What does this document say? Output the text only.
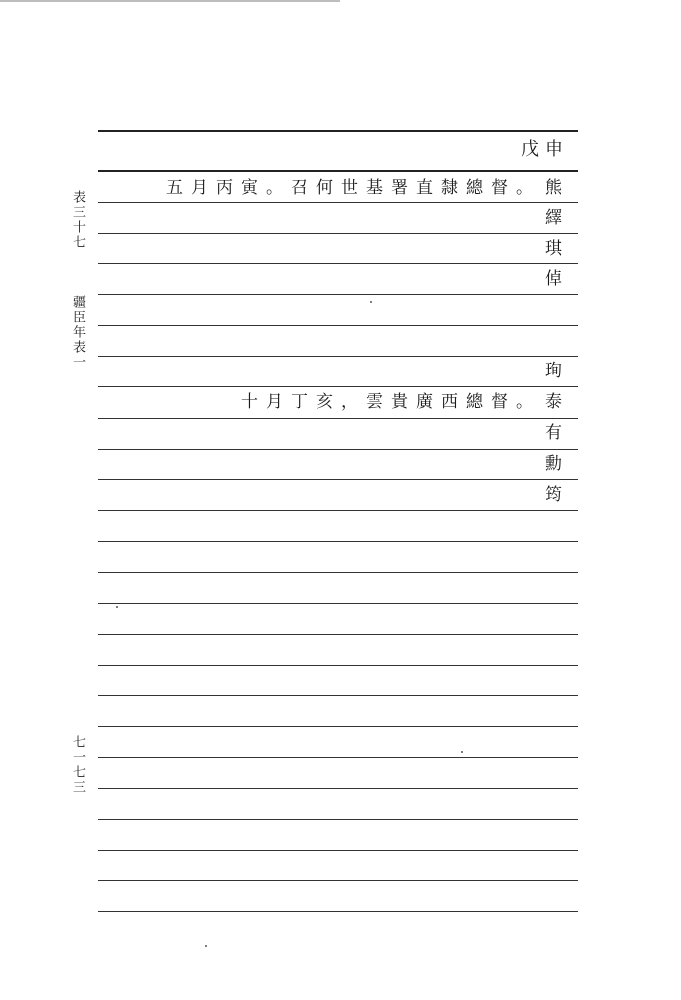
表三十七
疆臣年表一
七一七三
戊申
熊
繹
琪
倬
珣
泰
有
勳
筠
五月丙寅。召何世基署直隸總督。
十月丁亥，雲貴廣西總督。
